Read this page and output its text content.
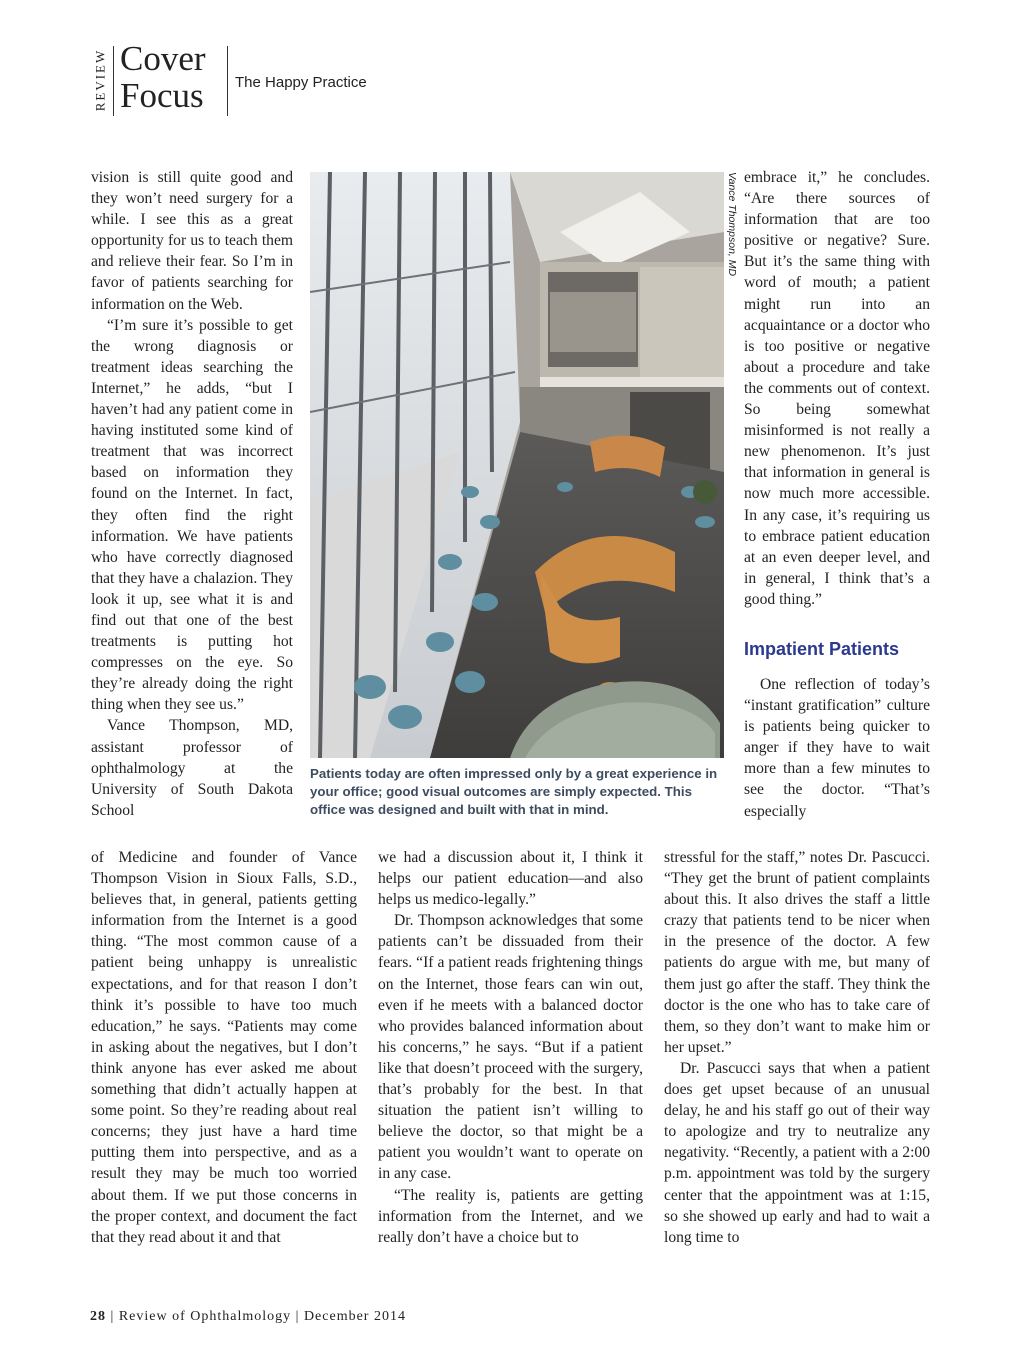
REVIEW Cover
Focus The Happy Practice

vision is still quite good and they won’t need surgery for a while. I see this as a great opportunity for us to teach them and relieve their fear. So I’m in favor of patients searching for information on the Web.

“I’m sure it’s possible to get the wrong diagnosis or treatment ideas searching the Internet,” he adds, “but I haven’t had any patient come in having instituted some kind of treatment that was incorrect based on information they found on the Internet. In fact, they often find the right information. We have patients who have correctly diagnosed that they have a chalazion. They look it up, see what it is and find out that one of the best treatments is putting hot compresses on the eye. So they’re already doing the right thing when they see us.”

Vance Thompson, MD, assistant professor of ophthalmology at the University of South Dakota School

of Medicine and founder of Vance Thompson Vision in Sioux Falls, S.D., believes that, in general, patients getting information from the Internet is a good thing. “The most common cause of a patient being unhappy is unrealistic expectations, and for that reason I don’t think it’s possible to have too much education,” he says. “Patients may come in asking about the negatives, but I don’t think anyone has ever asked me about something that didn’t actually happen at some point. So they’re reading about real concerns; they just have a hard time putting them into perspective, and as a result they may be much too worried about them. If we put those concerns in the proper context, and document the fact that they read about it and that

Vance Thompson, MD
Patients today are often impressed only by a great experience in your office; good visual outcomes are simply expected. This office was designed and built with that in mind.

we had a discussion about it, I think it helps our patient education—and also helps us medico-legally.”

Dr. Thompson acknowledges that some patients can’t be dissuaded from their fears. “If a patient reads frightening things on the Internet, those fears can win out, even if he meets with a balanced doctor who provides balanced information about his concerns,” he says. “But if a patient like that doesn’t proceed with the surgery, that’s probably for the best. In that situation the patient isn’t willing to believe the doctor, so that might be a patient you wouldn’t want to operate on in any case.

“The reality is, patients are getting information from the Internet, and we really don’t have a choice but to

embrace it,” he concludes. “Are there sources of information that are too positive or negative? Sure. But it’s the same thing with word of mouth; a patient might run into an acquaintance or a doctor who is too positive or negative about a procedure and take the comments out of context. So being somewhat misinformed is not really a new phenomenon. It’s just that information in general is now much more accessible. In any case, it’s requiring us to embrace patient education at an even deeper level, and in general, I think that’s a good thing.”

Impatient Patients

One reflection of today’s “instant gratification” culture is patients being quicker to anger if they have to wait more than a few minutes to see the doctor. “That’s especially

stressful for the staff,” notes Dr. Pascucci. “They get the brunt of patient complaints about this. It also drives the staff a little crazy that patients tend to be nicer when in the presence of the doctor. A few patients do argue with me, but many of them just go after the staff. They think the doctor is the one who has to take care of them, so they don’t want to make him or her upset.”

Dr. Pascucci says that when a patient does get upset because of an unusual delay, he and his staff go out of their way to apologize and try to neutralize any negativity. “Recently, a patient with a 2:00 p.m. appointment was told by the surgery center that the appointment was at 1:15, so she showed up early and had to wait a long time to

28 | Review of Ophthalmology | December 2014
